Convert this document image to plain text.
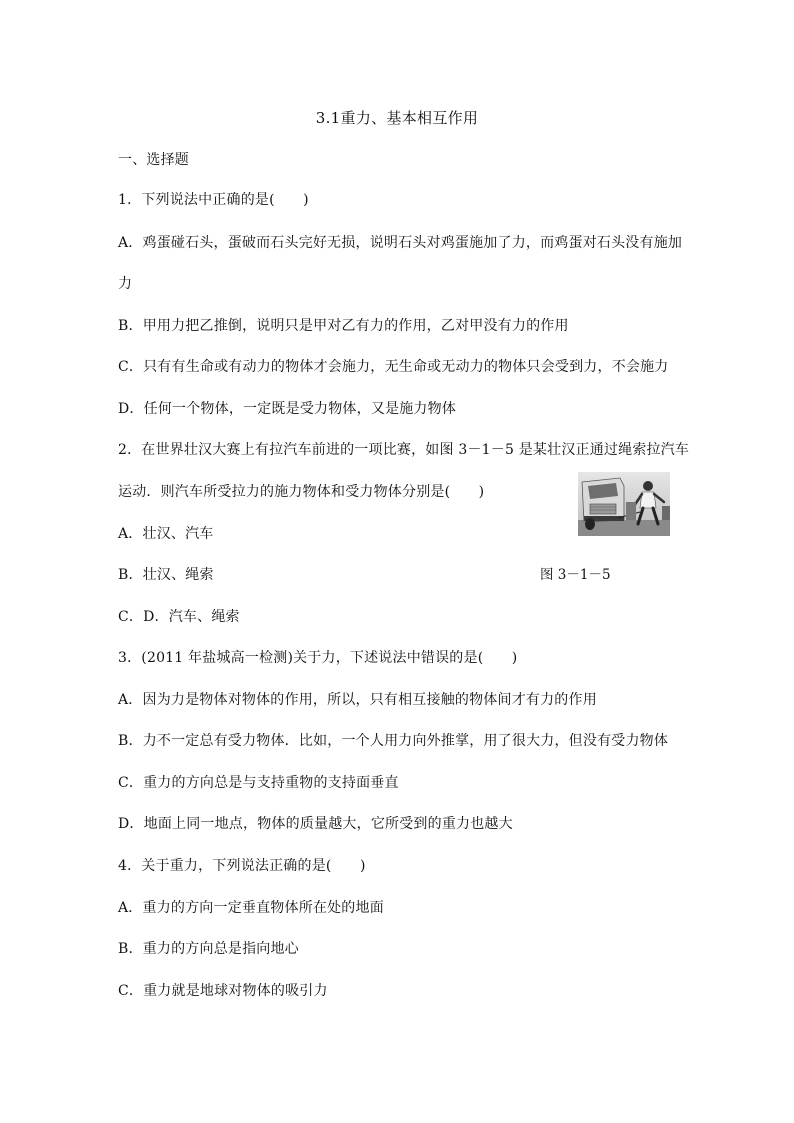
3.1重力、基本相互作用
一、选择题
1．下列说法中正确的是(　　)
A．鸡蛋碰石头，蛋破而石头完好无损，说明石头对鸡蛋施加了力，而鸡蛋对石头没有施加
力
B．甲用力把乙推倒，说明只是甲对乙有力的作用，乙对甲没有力的作用
C．只有有生命或有动力的物体才会施力，无生命或无动力的物体只会受到力，不会施力
D．任何一个物体，一定既是受力物体，又是施力物体
2．在世界壮汉大赛上有拉汽车前进的一项比赛，如图 3－1－5 是某壮汉正通过绳索拉汽车
运动．则汽车所受拉力的施力物体和受力物体分别是(　　)
A．壮汉、汽车
B．壮汉、绳索	图 3－1－5
C．D．汽车、绳索
3．(2011 年盐城高一检测)关于力，下述说法中错误的是(　　)
A．因为力是物体对物体的作用，所以，只有相互接触的物体间才有力的作用
B．力不一定总有受力物体．比如，一个人用力向外推掌，用了很大力，但没有受力物体
C．重力的方向总是与支持重物的支持面垂直
D．地面上同一地点，物体的质量越大，它所受到的重力也越大
4．关于重力，下列说法正确的是(　　)
A．重力的方向一定垂直物体所在处的地面
B．重力的方向总是指向地心
C．重力就是地球对物体的吸引力
